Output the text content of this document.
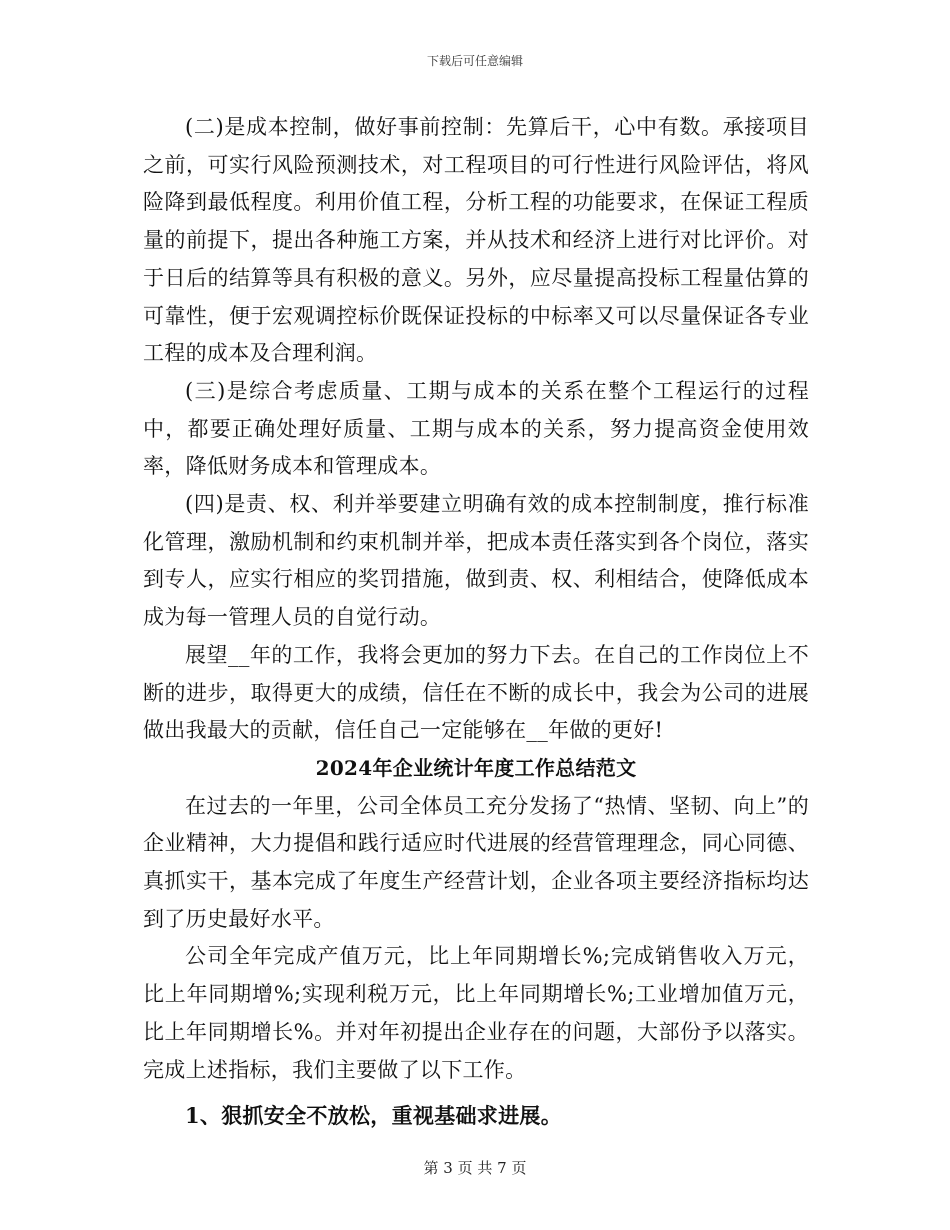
下载后可任意编辑

(二)是成本控制，做好事前控制：先算后干，心中有数。承接项目之前，可实行风险预测技术，对工程项目的可行性进行风险评估，将风险降到最低程度。利用价值工程，分析工程的功能要求，在保证工程质量的前提下，提出各种施工方案，并从技术和经济上进行对比评价。对于日后的结算等具有积极的意义。另外，应尽量提高投标工程量估算的可靠性，便于宏观调控标价既保证投标的中标率又可以尽量保证各专业工程的成本及合理利润。

(三)是综合考虑质量、工期与成本的关系在整个工程运行的过程中，都要正确处理好质量、工期与成本的关系，努力提高资金使用效率，降低财务成本和管理成本。

(四)是责、权、利并举要建立明确有效的成本控制制度，推行标准化管理，激励机制和约束机制并举，把成本责任落实到各个岗位，落实到专人，应实行相应的奖罚措施，做到责、权、利相结合，使降低成本成为每一管理人员的自觉行动。

展望__年的工作，我将会更加的努力下去。在自己的工作岗位上不断的进步，取得更大的成绩，信任在不断的成长中，我会为公司的进展做出我最大的贡献，信任自己一定能够在__年做的更好!

2024年企业统计年度工作总结范文

在过去的一年里，公司全体员工充分发扬了“热情、坚韧、向上”的企业精神，大力提倡和践行适应时代进展的经营管理理念，同心同德、真抓实干，基本完成了年度生产经营计划，企业各项主要经济指标均达到了历史最好水平。

公司全年完成产值万元，比上年同期增长%;完成销售收入万元，比上年同期增%;实现利税万元，比上年同期增长%;工业增加值万元，比上年同期增长%。并对年初提出企业存在的问题，大部份予以落实。完成上述指标，我们主要做了以下工作。

1、狠抓安全不放松，重视基础求进展。

第 3 页 共 7 页
